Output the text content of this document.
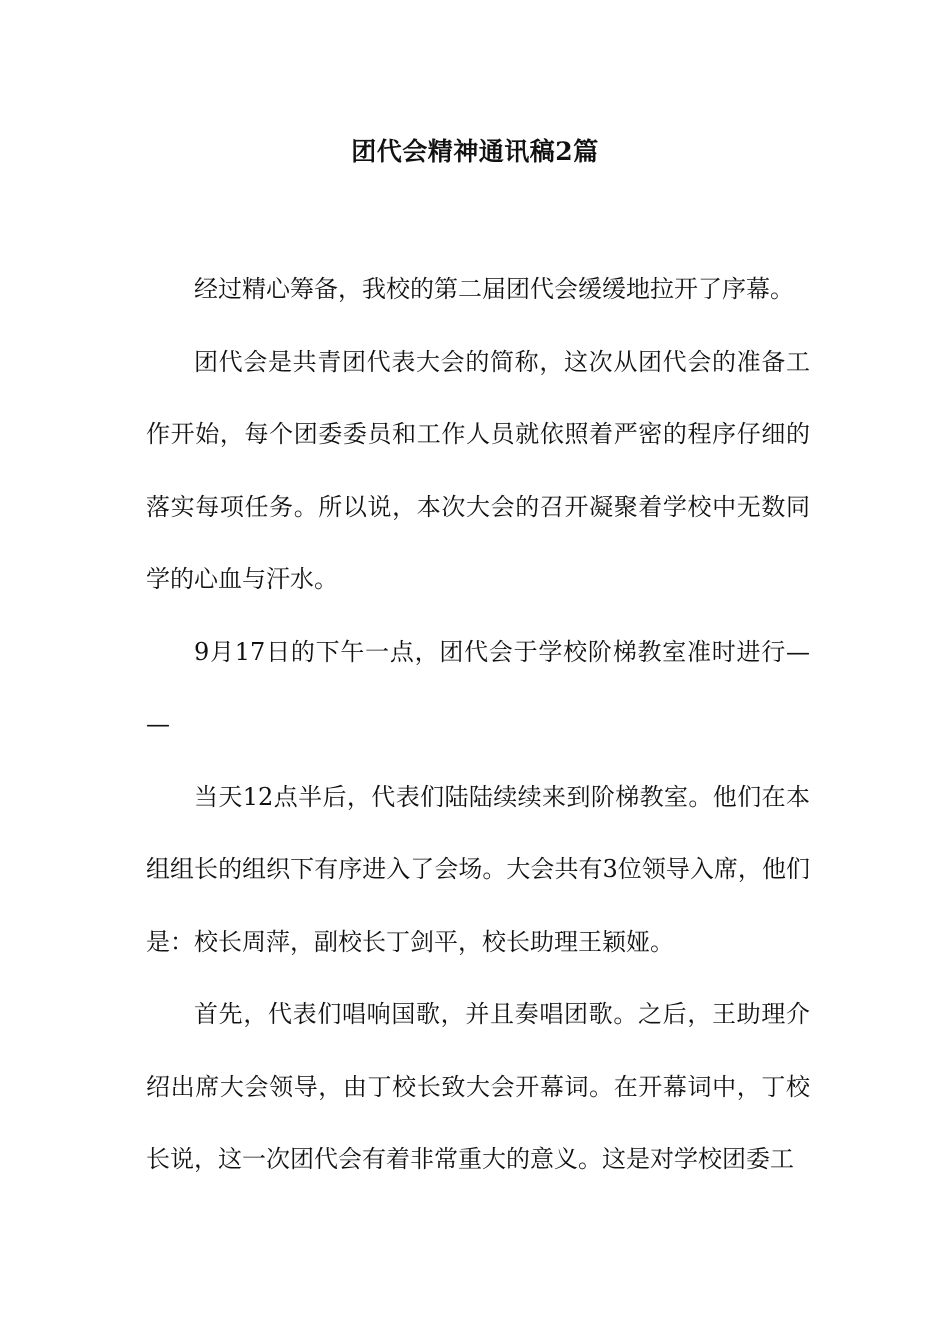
团代会精神通讯稿2篇

经过精心筹备，我校的第二届团代会缓缓地拉开了序幕。

团代会是共青团代表大会的简称，这次从团代会的准备工作开始，每个团委委员和工作人员就依照着严密的程序仔细的落实每项任务。所以说，本次大会的召开凝聚着学校中无数同学的心血与汗水。

9月17日的下午一点，团代会于学校阶梯教室准时进行——

当天12点半后，代表们陆陆续续来到阶梯教室。他们在本组组长的组织下有序进入了会场。大会共有3位领导入席，他们是：校长周萍，副校长丁剑平，校长助理王颖娅。

首先，代表们唱响国歌，并且奏唱团歌。之后，王助理介绍出席大会领导，由丁校长致大会开幕词。在开幕词中，丁校长说，这一次团代会有着非常重大的意义。这是对学校团委工
